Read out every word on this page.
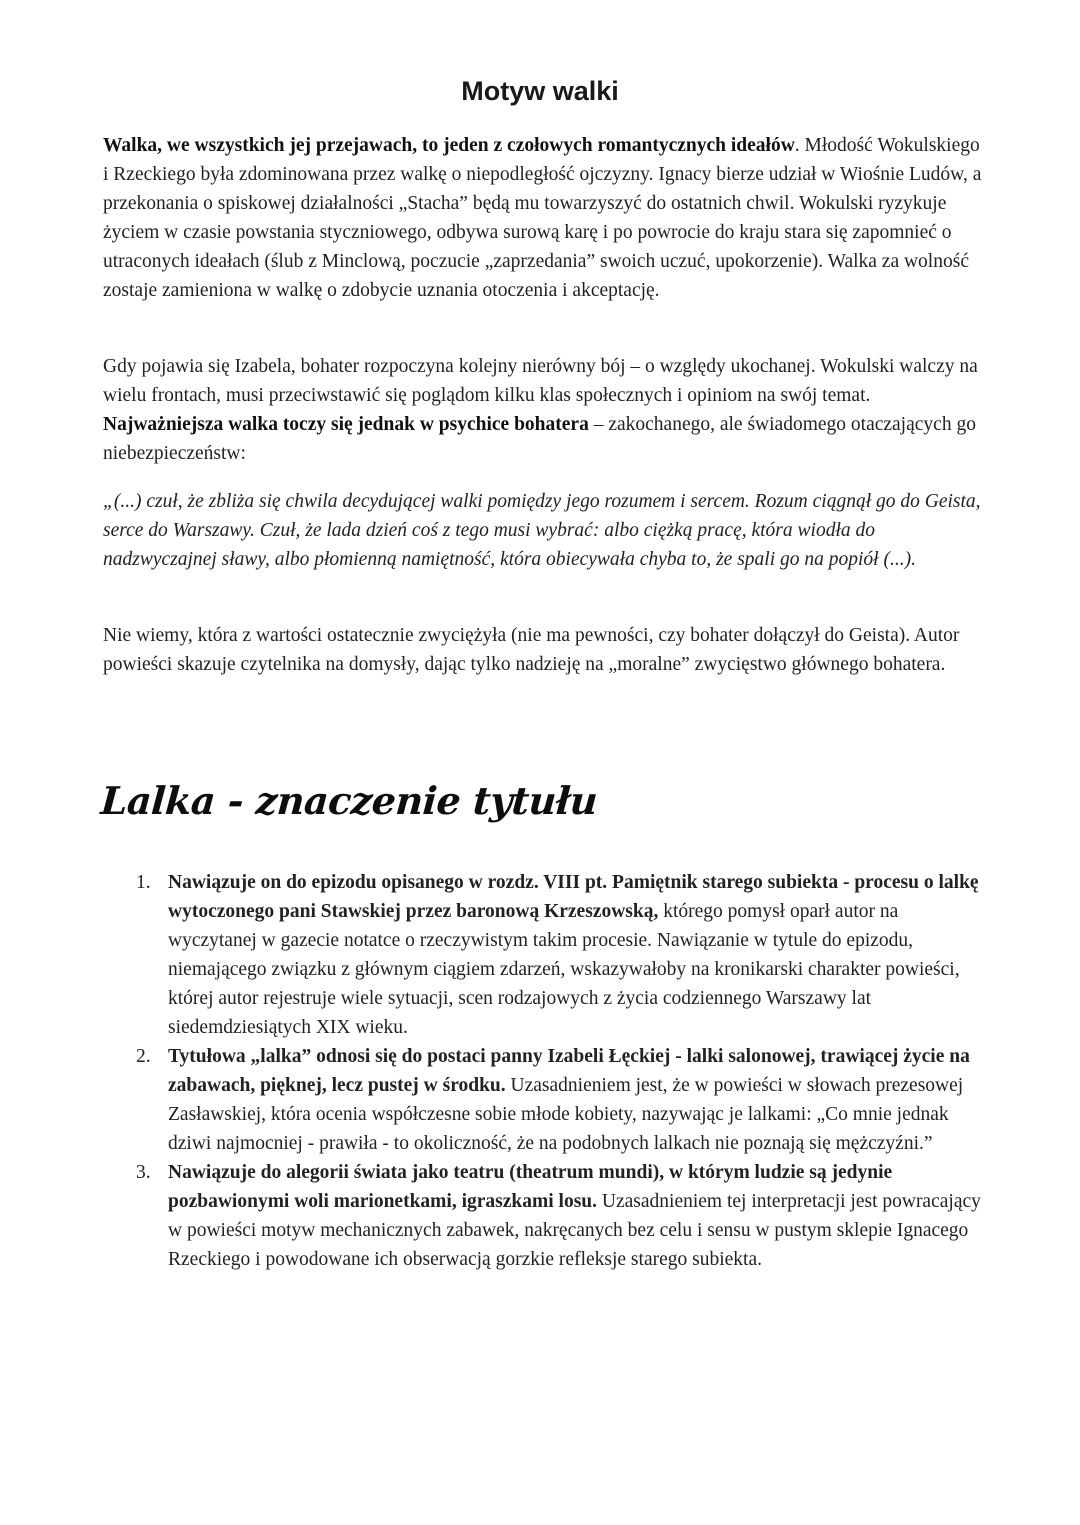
Motyw walki

Walka, we wszystkich jej przejawach, to jeden z czołowych romantycznych ideałów. Młodość Wokulskiego i Rzeckiego była zdominowana przez walkę o niepodległość ojczyzny. Ignacy bierze udział w Wiośnie Ludów, a przekonania o spiskowej działalności „Stacha” będą mu towarzyszyć do ostatnich chwil. Wokulski ryzykuje życiem w czasie powstania styczniowego, odbywa surową karę i po powrocie do kraju stara się zapomnieć o utraconych ideałach (ślub z Minclową, poczucie „zaprzedania” swoich uczuć, upokorzenie). Walka za wolność zostaje zamieniona w walkę o zdobycie uznania otoczenia i akceptację.

Gdy pojawia się Izabela, bohater rozpoczyna kolejny nierówny bój – o względy ukochanej. Wokulski walczy na wielu frontach, musi przeciwstawić się poglądom kilku klas społecznych i opiniom na swój temat. Najważniejsza walka toczy się jednak w psychice bohatera – zakochanego, ale świadomego otaczających go niebezpieczeństw:

„(...) czuł, że zbliża się chwila decydującej walki pomiędzy jego rozumem i sercem. Rozum ciągnął go do Geista, serce do Warszawy. Czuł, że lada dzień coś z tego musi wybrać: albo ciężką pracę, która wiodła do nadzwyczajnej sławy, albo płomienną namiętność, która obiecywała chyba to, że spali go na popiół (...).

Nie wiemy, która z wartości ostatecznie zwyciężyła (nie ma pewności, czy bohater dołączył do Geista). Autor powieści skazuje czytelnika na domysły, dając tylko nadzieję na „moralne” zwycięstwo głównego bohatera.

Lalka - znaczenie tytułu
1. Nawiązuje on do epizodu opisanego w rozdz. VIII pt. Pamiętnik starego subiekta - procesu o lalkę wytoczonego pani Stawskiej przez baronową Krzeszowską, którego pomysł oparł autor na wyczytanej w gazecie notatce o rzeczywistym takim procesie. Nawiązanie w tytule do epizodu, niemającego związku z głównym ciągiem zdarzeń, wskazywałoby na kronikarski charakter powieści, której autor rejestruje wiele sytuacji, scen rodzajowych z życia codziennego Warszawy lat siedemdziesiątych XIX wieku.
2. Tytułowa „lalka” odnosi się do postaci panny Izabeli Łęckiej - lalki salonowej, trawiącej życie na zabawach, pięknej, lecz pustej w środku. Uzasadnieniem jest, że w powieści w słowach prezesowej Zasławskiej, która ocenia współczesne sobie młode kobiety, nazywając je lalkami: „Co mnie jednak dziwi najmocniej - prawiła - to okoliczność, że na podobnych lalkach nie poznają się mężczyźni.”
3. Nawiązuje do alegorii świata jako teatru (theatrum mundi), w którym ludzie są jedynie pozbawionymi woli marionetkami, igraszkami losu. Uzasadnieniem tej interpretacji jest powracający w powieści motyw mechanicznych zabawek, nakręcanych bez celu i sensu w pustym sklepie Ignacego Rzeckiego i powodowane ich obserwacją gorzkie refleksje starego subiekta.
